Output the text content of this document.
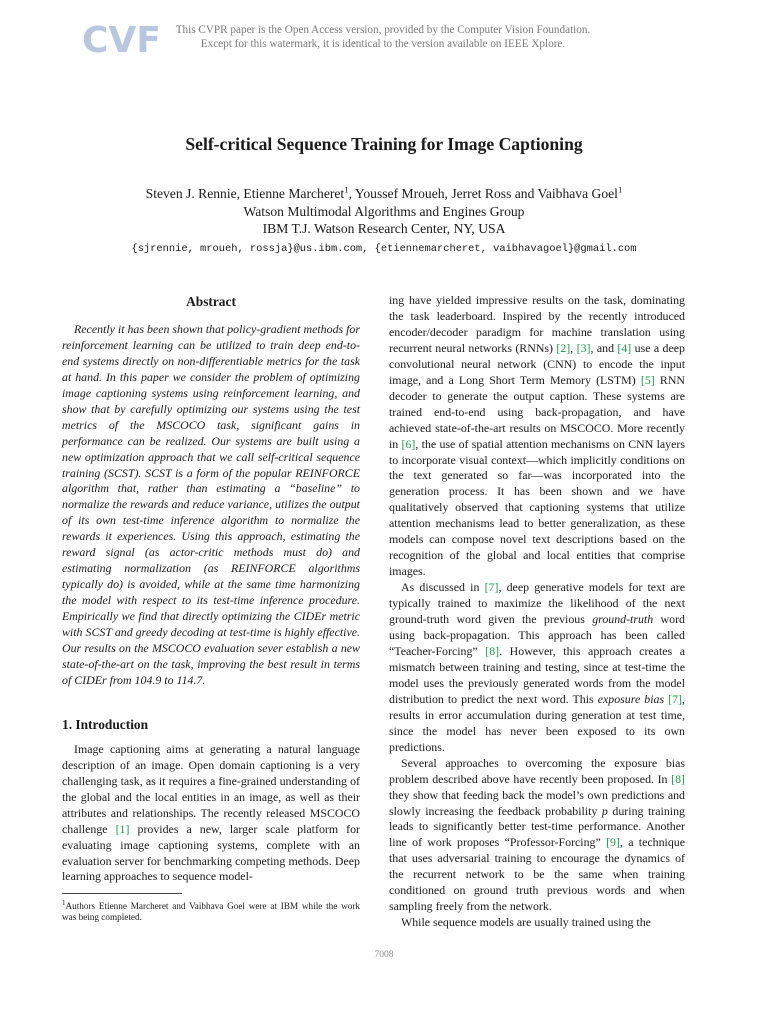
CVF	This CVPR paper is the Open Access version, provided by the Computer Vision Foundation.
Except for this watermark, it is identical to the version available on IEEE Xplore.
Self-critical Sequence Training for Image Captioning
Steven J. Rennie, Etienne Marcheret$^1$, Youssef Mroueh, Jerret Ross and Vaibhava Goel$^1$
Watson Multimodal Algorithms and Engines Group
IBM T.J. Watson Research Center, NY, USA
{sjrennie, mroueh, rossja}@us.ibm.com, {etiennemarcheret, vaibhavagoel}@gmail.com
Abstract

Recently it has been shown that policy-gradient methods for reinforcement learning can be utilized to train deep end-to-end systems directly on non-differentiable metrics for the task at hand. In this paper we consider the problem of optimizing image captioning systems using reinforcement learning, and show that by carefully optimizing our systems using the test metrics of the MSCOCO task, significant gains in performance can be realized. Our systems are built using a new optimization approach that we call self-critical sequence training (SCST). SCST is a form of the popular REINFORCE algorithm that, rather than estimating a “baseline” to normalize the rewards and reduce variance, utilizes the output of its own test-time inference algorithm to normalize the rewards it experiences. Using this approach, estimating the reward signal (as actor-critic methods must do) and estimating normalization (as REINFORCE algorithms typically do) is avoided, while at the same time harmonizing the model with respect to its test-time inference procedure. Empirically we find that directly optimizing the CIDEr metric with SCST and greedy decoding at test-time is highly effective. Our results on the MSCOCO evaluation sever establish a new state-of-the-art on the task, improving the best result in terms of CIDEr from 104.9 to 114.7.

1. Introduction

Image captioning aims at generating a natural language description of an image. Open domain captioning is a very challenging task, as it requires a fine-grained understanding of the global and the local entities in an image, as well as their attributes and relationships. The recently released MSCOCO challenge [1] provides a new, larger scale platform for evaluating image captioning systems, complete with an evaluation server for benchmarking competing methods. Deep learning approaches to sequence model-

$^1$Authors Etienne Marcheret and Vaibhava Goel were at IBM while the work was being completed.

ing have yielded impressive results on the task, dominating the task leaderboard. Inspired by the recently introduced encoder/decoder paradigm for machine translation using recurrent neural networks (RNNs) [2], [3], and [4] use a deep convolutional neural network (CNN) to encode the input image, and a Long Short Term Memory (LSTM) [5] RNN decoder to generate the output caption. These systems are trained end-to-end using back-propagation, and have achieved state-of-the-art results on MSCOCO. More recently in [6], the use of spatial attention mechanisms on CNN layers to incorporate visual context—which implicitly conditions on the text generated so far—was incorporated into the generation process. It has been shown and we have qualitatively observed that captioning systems that utilize attention mechanisms lead to better generalization, as these models can compose novel text descriptions based on the recognition of the global and local entities that comprise images.

As discussed in [7], deep generative models for text are typically trained to maximize the likelihood of the next ground-truth word given the previous ground-truth word using back-propagation. This approach has been called “Teacher-Forcing” [8]. However, this approach creates a mismatch between training and testing, since at test-time the model uses the previously generated words from the model distribution to predict the next word. This exposure bias [7], results in error accumulation during generation at test time, since the model has never been exposed to its own predictions.

Several approaches to overcoming the exposure bias problem described above have recently been proposed. In [8] they show that feeding back the model’s own predictions and slowly increasing the feedback probability p during training leads to significantly better test-time performance. Another line of work proposes “Professor-Forcing” [9], a technique that uses adversarial training to encourage the dynamics of the recurrent network to be the same when training conditioned on ground truth previous words and when sampling freely from the network.

While sequence models are usually trained using the

7008
